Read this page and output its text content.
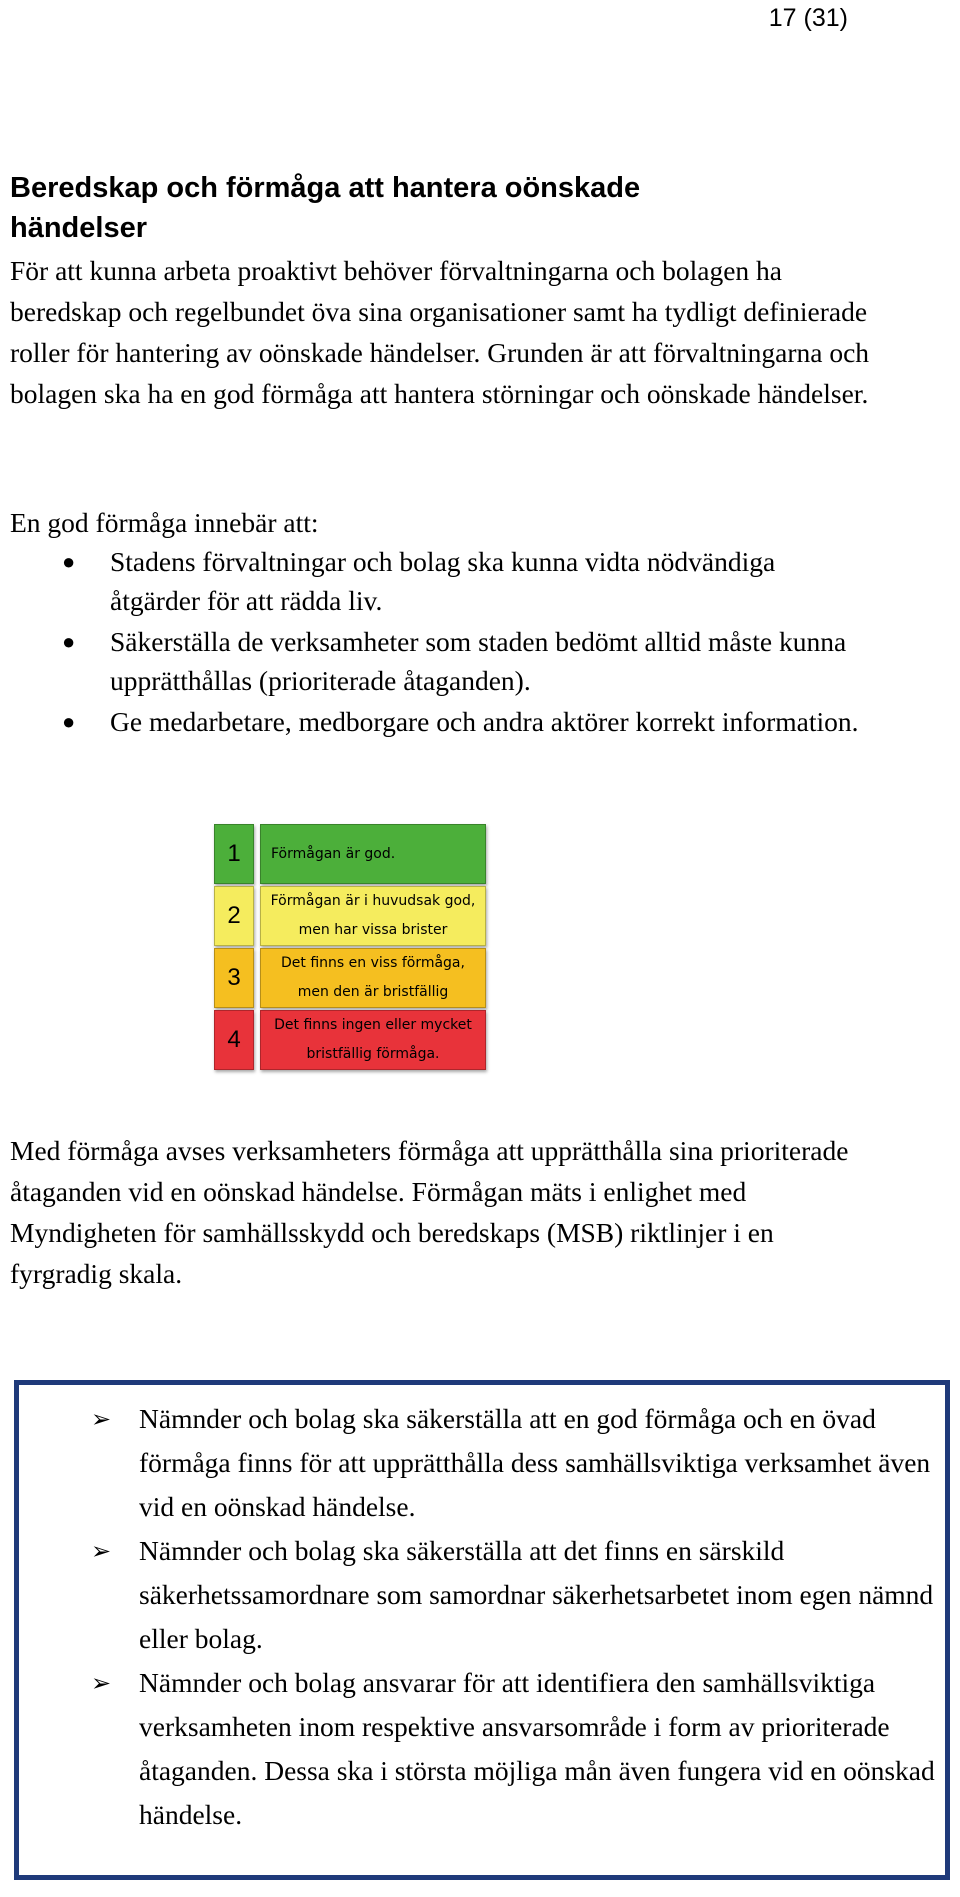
17 (31)
Beredskap och förmåga att hantera oönskade händelser

För att kunna arbeta proaktivt behöver förvaltningarna och bolagen ha beredskap och regelbundet öva sina organisationer samt ha tydligt definierade roller för hantering av oönskade händelser. Grunden är att förvaltningarna och bolagen ska ha en god förmåga att hantera störningar och oönskade händelser.

En god förmåga innebär att:

● Stadens förvaltningar och bolag ska kunna vidta nödvändiga åtgärder för att rädda liv.
● Säkerställa de verksamheter som staden bedömt alltid måste kunna upprätthållas (prioriterade åtaganden).
● Ge medarbetare, medborgare och andra aktörer korrekt information.
1	Förmågan är god.
2
Förmågan är i huvudsak god, men har vissa brister
3
Det finns en viss förmåga, men den är bristfällig
4
Det finns ingen eller mycket bristfällig förmåga.

Med förmåga avses verksamheters förmåga att upprätthålla sina prioriterade åtaganden vid en oönskad händelse. Förmågan mäts i enlighet med Myndigheten för samhällsskydd och beredskaps (MSB) riktlinjer i en fyrgradig skala.

➢ Nämnder och bolag ska säkerställa att en god förmåga och en övad förmåga finns för att upprätthålla dess samhällsviktiga verksamhet även vid en oönskad händelse.
➢ Nämnder och bolag ska säkerställa att det finns en särskild säkerhetssamordnare som samordnar säkerhetsarbetet inom egen nämnd eller bolag.
➢ Nämnder och bolag ansvarar för att identifiera den samhällsviktiga verksamheten inom respektive ansvarsområde i form av prioriterade åtaganden. Dessa ska i största möjliga mån även fungera vid en oönskad händelse.
